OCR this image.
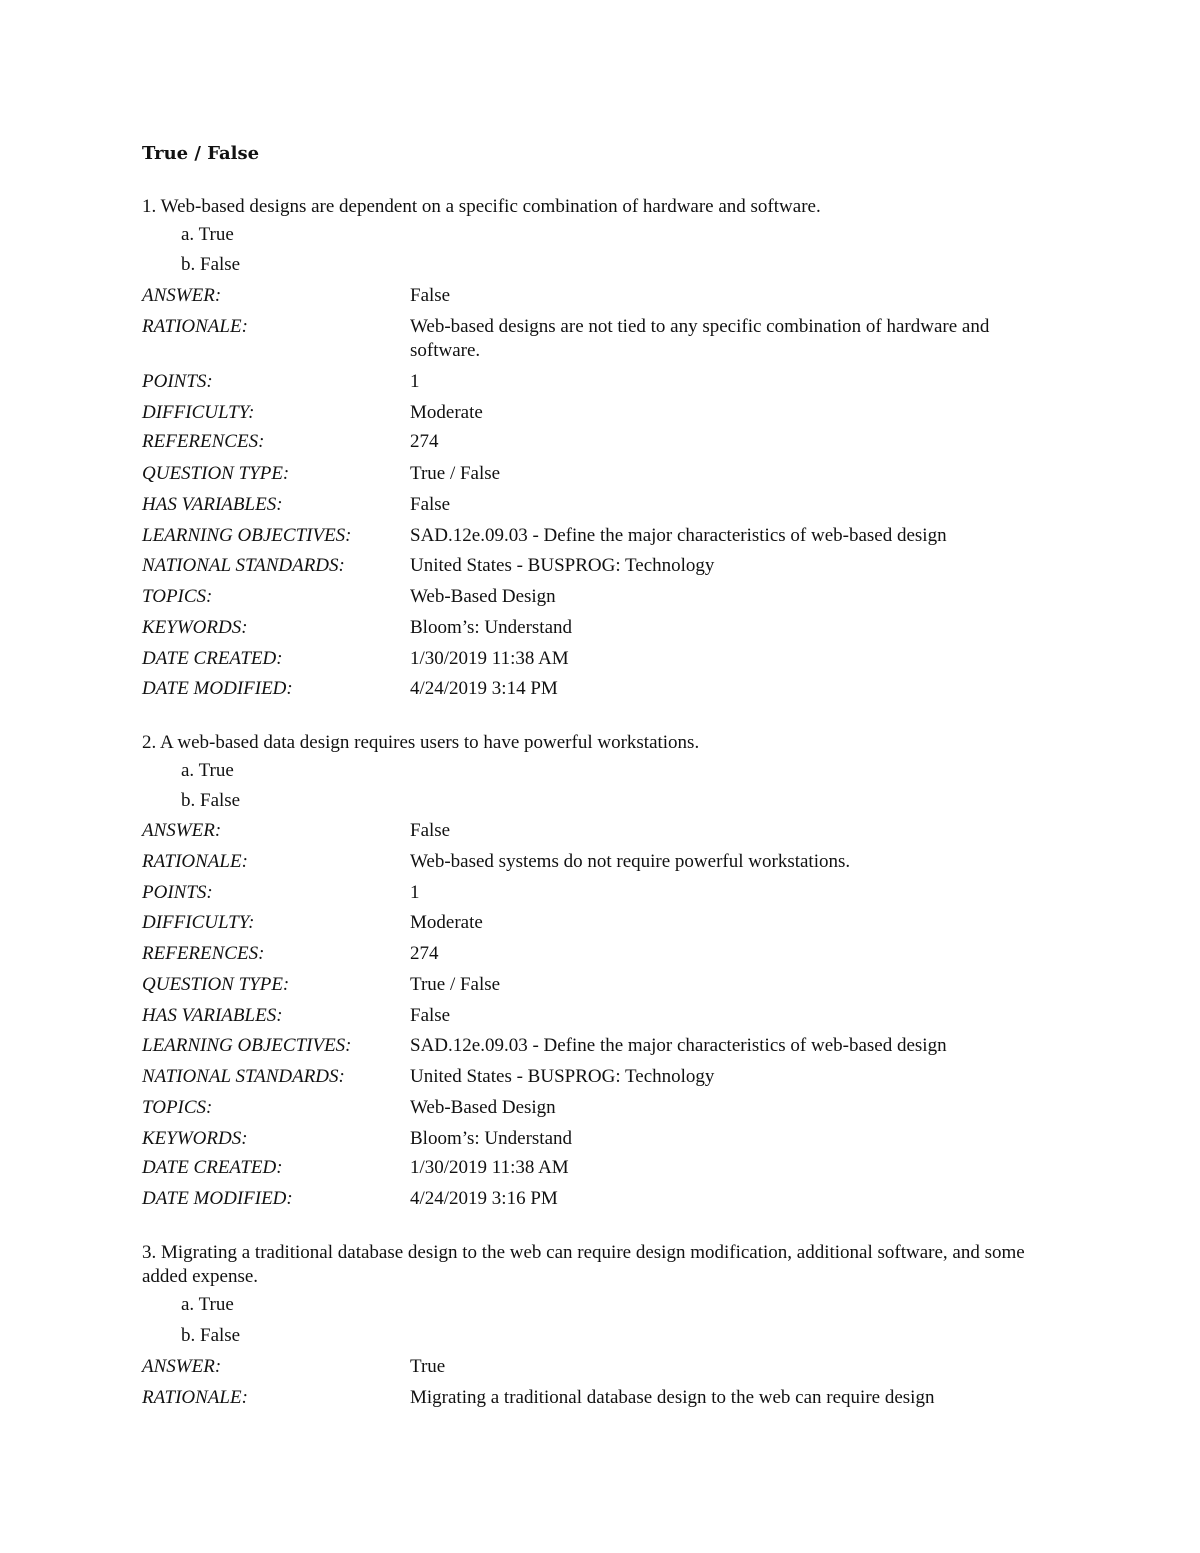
True / False
1. Web-based designs are dependent on a specific combination of hardware and software.
a. True
b. False
ANSWER:	False
RATIONALE:	Web-based designs are not tied to any specific combination of hardware and software.
POINTS:	1
DIFFICULTY:	Moderate
REFERENCES:	274
QUESTION TYPE:	True / False
HAS VARIABLES:	False
LEARNING OBJECTIVES:	SAD.12e.09.03 - Define the major characteristics of web-based design
NATIONAL STANDARDS:	United States - BUSPROG: Technology
TOPICS:	Web-Based Design
KEYWORDS:	Bloom’s: Understand
DATE CREATED:	1/30/2019 11:38 AM
DATE MODIFIED:	4/24/2019 3:14 PM
2. A web-based data design requires users to have powerful workstations.
a. True
b. False
ANSWER:	False
RATIONALE:	Web-based systems do not require powerful workstations.
POINTS:	1
DIFFICULTY:	Moderate
REFERENCES:	274
QUESTION TYPE:	True / False
HAS VARIABLES:	False
LEARNING OBJECTIVES:	SAD.12e.09.03 - Define the major characteristics of web-based design
NATIONAL STANDARDS:	United States - BUSPROG: Technology
TOPICS:	Web-Based Design
KEYWORDS:	Bloom’s: Understand
DATE CREATED:	1/30/2019 11:38 AM
DATE MODIFIED:	4/24/2019 3:16 PM
3. Migrating a traditional database design to the web can require design modification, additional software, and some added expense.
a. True
b. False
ANSWER:	True
RATIONALE:	Migrating a traditional database design to the web can require design
